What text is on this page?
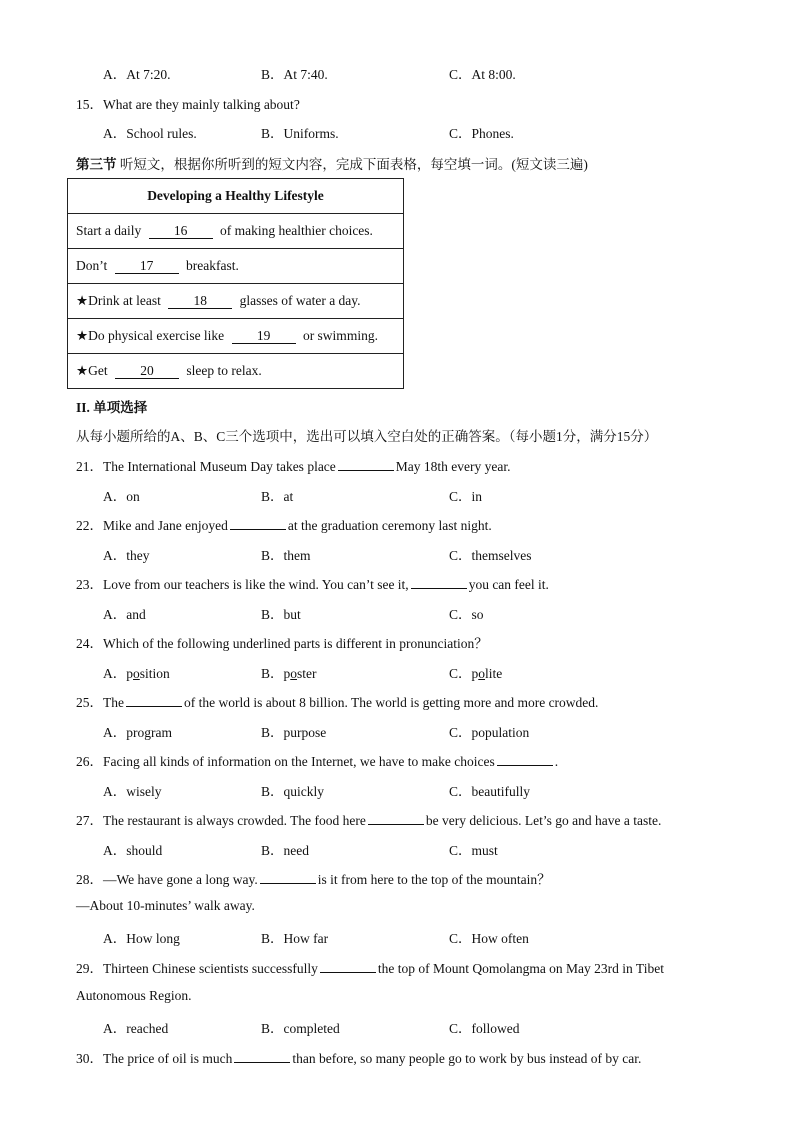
A．At 7:20.	B．At 7:40.	C．At 8:00.
15．What are they mainly talking about?
A．School rules.	B．Uniforms.	C．Phones.
第三节 听短文，根据你所听到的短文内容，完成下面表格，每空填一词。(短文读三遍)
Developing a Healthy Lifestyle
Start a daily 16 of making healthier choices.
Don’t 17 breakfast.
★Drink at least 18 glasses of water a day.
★Do physical exercise like 19 or swimming.
★Get 20 sleep to relax.
II. 单项选择
从每小题所给的A、B、C三个选项中，选出可以填入空白处的正确答案。（每小题1分，满分15分）
21．The International Museum Day takes place	May 18th every year.
A．on	B．at	C．in
22．Mike and Jane enjoyed	at the graduation ceremony last night.
A．they	B．them	C．themselves
23．Love from our teachers is like the wind. You can’t see it,	you can feel it.
A．and	B．but	C．so
24．Which of the following underlined parts is different in pronunciation？
A．position	B．poster	C．polite
25．The	of the world is about 8 billion. The world is getting more and more crowded.
A．program	B．purpose	C．population
26．Facing all kinds of information on the Internet, we have to make choices	.
A．wisely	B．quickly	C．beautifully
27．The restaurant is always crowded. The food here	be very delicious. Let’s go and have a taste.
A．should	B．need	C．must
28．—We have gone a long way.	is it from here to the top of the mountain？
—About 10-minutes’ walk away.
A．How long	B．How far	C．How often
29．Thirteen Chinese scientists successfully	the top of Mount Qomolangma on May 23rd in Tibet
Autonomous Region.
A．reached	B．completed	C．followed
30．The price of oil is much	than before, so many people go to work by bus instead of by car.
